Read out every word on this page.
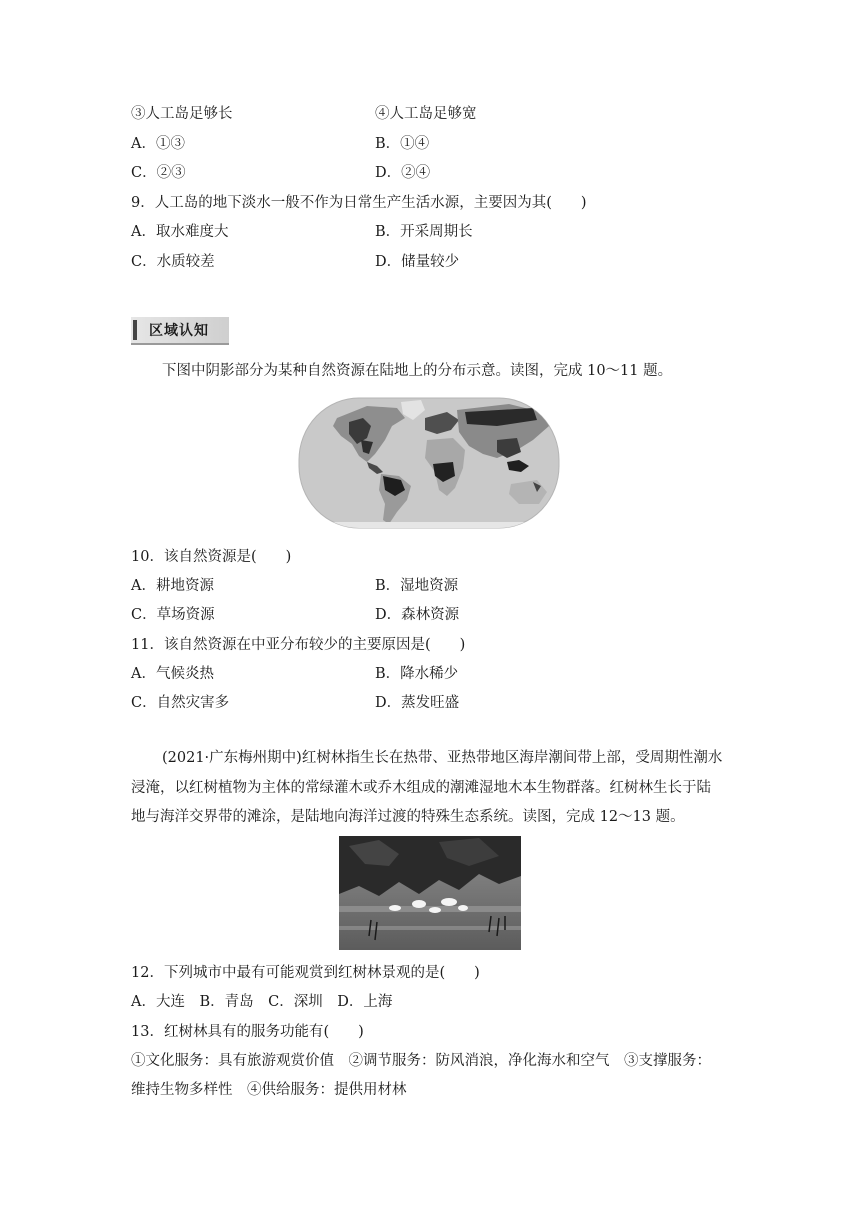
③人工岛足够长	④人工岛足够宽
A．①③	B．①④
C．②③	D．②④
9．人工岛的地下淡水一般不作为日常生产生活水源，主要因为其(　　)
A．取水难度大	B．开采周期长
C．水质较差	D．储量较少
区域认知
下图中阴影部分为某种自然资源在陆地上的分布示意。读图，完成 10～11 题。
10．该自然资源是(　　)
A．耕地资源	B．湿地资源
C．草场资源	D．森林资源
11．该自然资源在中亚分布较少的主要原因是(　　)
A．气候炎热	B．降水稀少
C．自然灾害多	D．蒸发旺盛
(2021·广东梅州期中)红树林指生长在热带、亚热带地区海岸潮间带上部，受周期性潮水
浸淹，以红树植物为主体的常绿灌木或乔木组成的潮滩湿地木本生物群落。红树林生长于陆
地与海洋交界带的滩涂，是陆地向海洋过渡的特殊生态系统。读图，完成 12～13 题。
12．下列城市中最有可能观赏到红树林景观的是(　　)
A．大连　B．青岛　C．深圳　D．上海
13．红树林具有的服务功能有(　　)
①文化服务：具有旅游观赏价值　②调节服务：防风消浪，净化海水和空气　③支撑服务：
维持生物多样性　④供给服务：提供用材林
